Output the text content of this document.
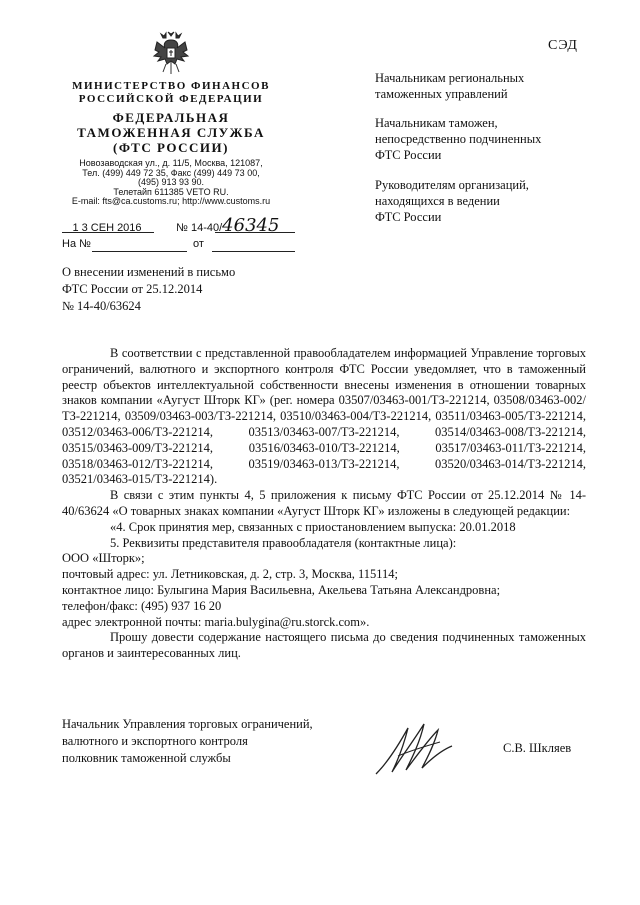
СЭД
МИНИСТЕРСТВО ФИНАНСОВ
РОССИЙСКОЙ ФЕДЕРАЦИИ
ФЕДЕРАЛЬНАЯ
ТАМОЖЕННАЯ СЛУЖБА
(ФТС РОССИИ)
Новозаводская ул., д. 11/5, Москва, 121087,
Тел. (499) 449 72 35, Факс (499) 449 73 00,
(495) 913 93 90.
Телетайп 611385 VETO RU.
E-mail: fts@ca.customs.ru; http://www.customs.ru
1 3 СЕН 2016	№ 14-40/46345
На №	от
Начальникам региональных
таможенных управлений
Начальникам таможен,
непосредственно подчиненных
ФТС России
Руководителям организаций,
находящихся в ведении
ФТС России
О внесении изменений в письмо
ФТС России от 25.12.2014
№ 14-40/63624

В соответствии с представленной правообладателем информацией Управление торговых ограничений, валютного и экспортного контроля ФТС России уведомляет, что в таможенный реестр объектов интеллектуальной собственности внесены изменения в отношении товарных знаков компании «Аугуст Шторк КГ» (рег. номера 03507/03463-001/ТЗ-221214, 03508/03463-002/ТЗ-221214, 03509/03463-003/ТЗ-221214, 03510/03463-004/ТЗ-221214, 03511/03463-005/ТЗ-221214, 03512/03463-006/ТЗ-221214, 03513/03463-007/ТЗ-221214, 03514/03463-008/ТЗ-221214, 03515/03463-009/ТЗ-221214, 03516/03463-010/ТЗ-221214, 03517/03463-011/ТЗ-221214, 03518/03463-012/ТЗ-221214, 03519/03463-013/ТЗ-221214, 03520/03463-014/ТЗ-221214, 03521/03463-015/ТЗ-221214).

В связи с этим пункты 4, 5 приложения к письму ФТС России от 25.12.2014 № 14-40/63624 «О товарных знаках компании «Аугуст Шторк КГ» изложены в следующей редакции:

«4. Срок принятия мер, связанных с приостановлением выпуска: 20.01.2018

5. Реквизиты представителя правообладателя (контактные лица):

ООО «Шторк»;

почтовый адрес: ул. Летниковская, д. 2, стр. 3, Москва, 115114;

контактное лицо: Булыгина Мария Васильевна, Акельева Татьяна Александровна;

телефон/факс: (495) 937 16 20

адрес электронной почты: maria.bulygina@ru.storck.com».

Прошу довести содержание настоящего письма до сведения подчиненных таможенных органов и заинтересованных лиц.

Начальник Управления торговых ограничений,
валютного и экспортного контроля
полковник таможенной службы
С.В. Шкляев
